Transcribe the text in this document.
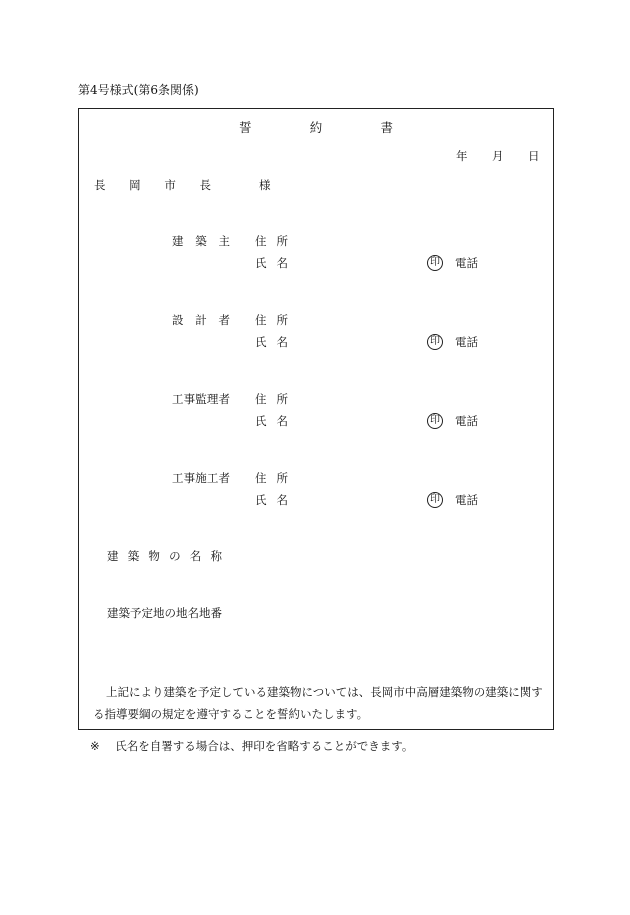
第4号様式(第6条関係)
誓	約	書
年 月 日
長 岡 市 長	様
建 築 主 住 所
氏 名	印 電話
設 計 者 住 所
氏 名	印 電話
工 事 監 理 者 住 所
氏 名	印 電話
工 事 施 工 者 住 所
氏 名	印 電話
建 築 物 の 名 称
建築予定地の地名地番
上記により建築を予定している建築物については、長岡市中高層建築物の建築に関する指導要綱の規定を遵守することを誓約いたします。
※ 氏名を自署する場合は、押印を省略することができます。
